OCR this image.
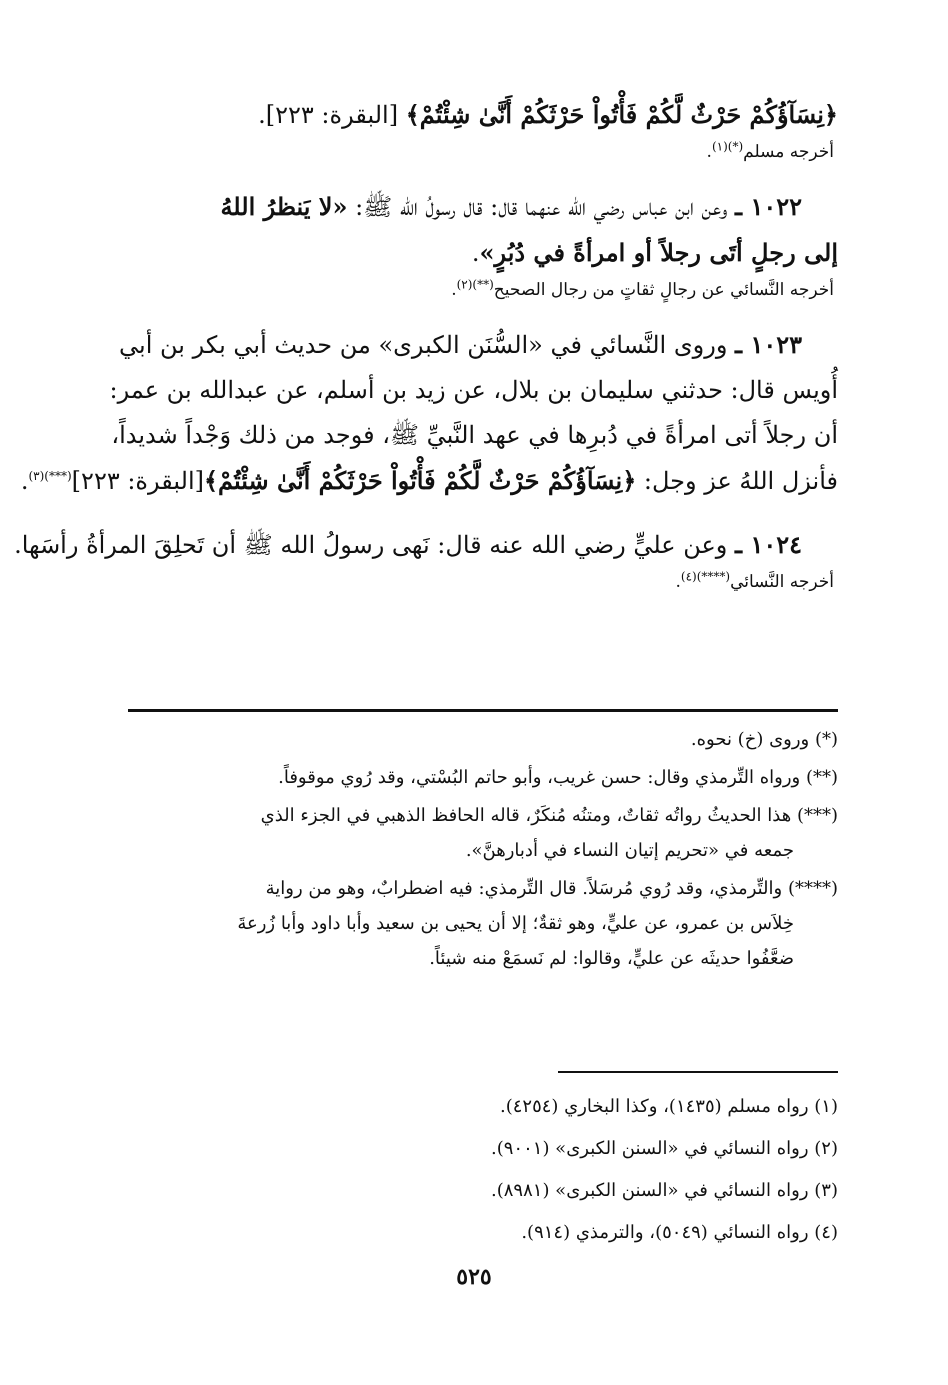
﴿نِسَآؤُكُمْ حَرْثٌ لَّكُمْ فَأْتُواْ حَرْثَكُمْ أَنَّىٰ شِئْتُمْ﴾ [البقرة: ٢٢٣].
أخرجه مسلم$^{(*)(١)}$.
١٠٢٢ ـ وعن ابن عباس رضي الله عنهما قال: قال رسولُ الله ﷺ: «لا يَنظرُ اللهُ
إلى رجلٍ أتَى رجلاً أو امرأةً في دُبُرٍ».
أخرجه النَّسائي عن رجالٍ ثقاتٍ من رجال الصحيح$^{(**)(٢)}$.
١٠٢٣ ـ وروى النَّسائي في «السُّنَن الكبرى» من حديث أبي بكر بن أبي
أُويس قال: حدثني سليمان بن بلال، عن زيد بن أسلم، عن عبدالله بن عمر:
أن رجلاً أتى امرأةً في دُبرِها في عهد النَّبيِّ ﷺ، فوجد من ذلك وَجْداً شديداً،
فأنزل اللهُ عز وجل: ﴿نِسَآؤُكُمْ حَرْثٌ لَّكُمْ فَأْتُواْ حَرْثَكُمْ أَنَّىٰ شِئْتُمْ﴾[البقرة: ٢٢٣]$^{(***)(٣)}$.
١٠٢٤ ـ وعن عليٍّ رضي الله عنه قال: نَهى رسولُ الله ﷺ أن تَحلِقَ المرأةُ رأسَها.
أخرجه النَّسائي$^{(****)(٤)}$.
(*) وروى (خ) نحوه.
(**) ورواه التِّرمذي وقال: حسن غريب، وأبو حاتم البُسْتي، وقد رُوي موقوفاً.
(***) هذا الحديثُ رواتُه ثقاتٌ، ومتنُه مُنكَرٌ، قاله الحافظ الذهبي في الجزء الذي
جمعه في «تحريم إتيان النساء في أدبارهنَّ».
(****) والتِّرمذي، وقد رُوي مُرسَلاً. قال التِّرمذي: فيه اضطرابٌ، وهو من رواية
خِلاَس بن عمرو، عن عليٍّ، وهو ثقةٌ؛ إلا أن يحيى بن سعيد وأبا داود وأبا زُرعةَ
ضعَّفُوا حديثَه عن عليٍّ، وقالوا: لم نَسمَعْ منه شيئاً.
(١) رواه مسلم (١٤٣٥)، وكذا البخاري (٤٢٥٤).
(٢) رواه النسائي في «السنن الكبرى» (٩٠٠١).
(٣) رواه النسائي في «السنن الكبرى» (٨٩٨١).
(٤) رواه النسائي (٥٠٤٩)، والترمذي (٩١٤).
٥٢٥
